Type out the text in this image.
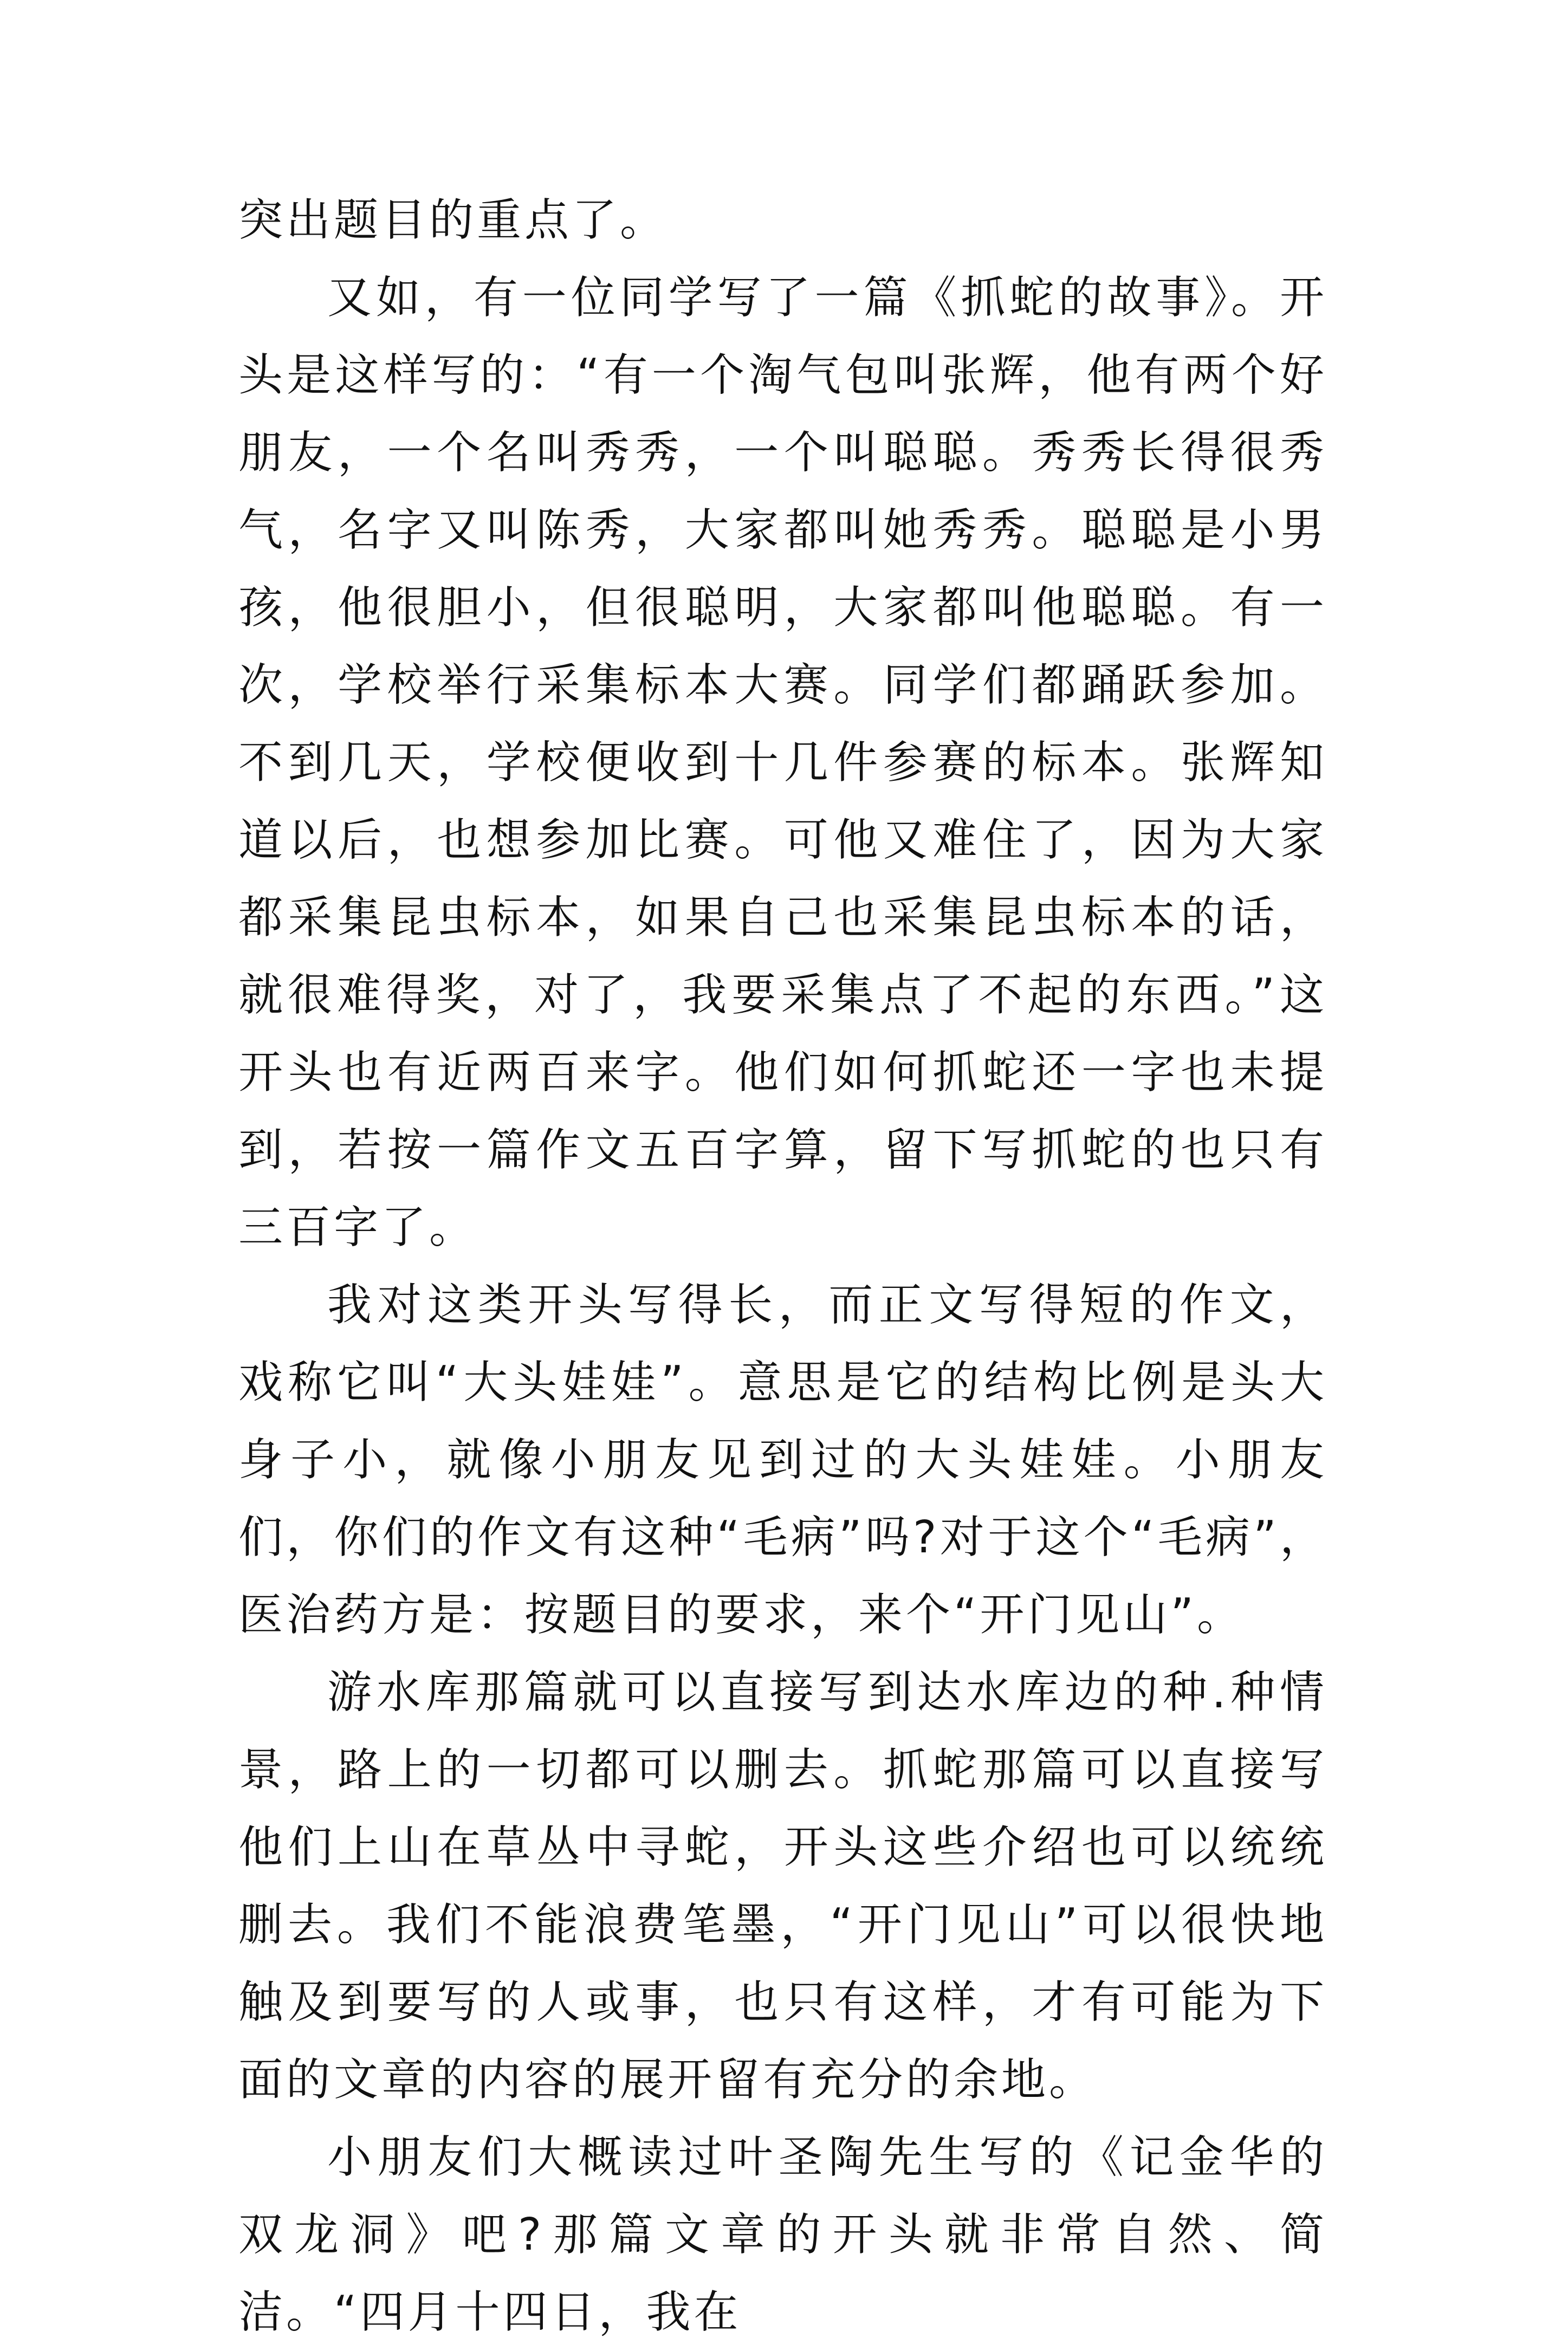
突出题目的重点了。

又如，有一位同学写了一篇《抓蛇的故事》。开头是这样写的：“有一个淘气包叫张辉，他有两个好朋友，一个名叫秀秀，一个叫聪聪。秀秀长得很秀气，名字又叫陈秀，大家都叫她秀秀。聪聪是小男孩，他很胆小，但很聪明，大家都叫他聪聪。有一次，学校举行采集标本大赛。同学们都踊跃参加。不到几天，学校便收到十几件参赛的标本。张辉知道以后，也想参加比赛。可他又难住了，因为大家都采集昆虫标本，如果自己也采集昆虫标本的话，就很难得奖，对了，我要采集点了不起的东西。”这开头也有近两百来字。他们如何抓蛇还一字也未提到，若按一篇作文五百字算，留下写抓蛇的也只有三百字了。

我对这类开头写得长，而正文写得短的作文，戏称它叫“大头娃娃”。意思是它的结构比例是头大身子小，就像小朋友见到过的大头娃娃。小朋友们，你们的作文有这种“毛病”吗?对于这个“毛病”，医治药方是：按题目的要求，来个“开门见山”。

游水库那篇就可以直接写到达水库边的种.种情景，路上的一切都可以删去。抓蛇那篇可以直接写他们上山在草丛中寻蛇，开头这些介绍也可以统统删去。我们不能浪费笔墨，“开门见山”可以很快地触及到要写的人或事，也只有这样，才有可能为下面的文章的内容的展开留有充分的余地。

小朋友们大概读过叶圣陶先生写的《记金华的双龙洞》吧?那篇文章的开头就非常自然、简洁。“四月十四日，我在
